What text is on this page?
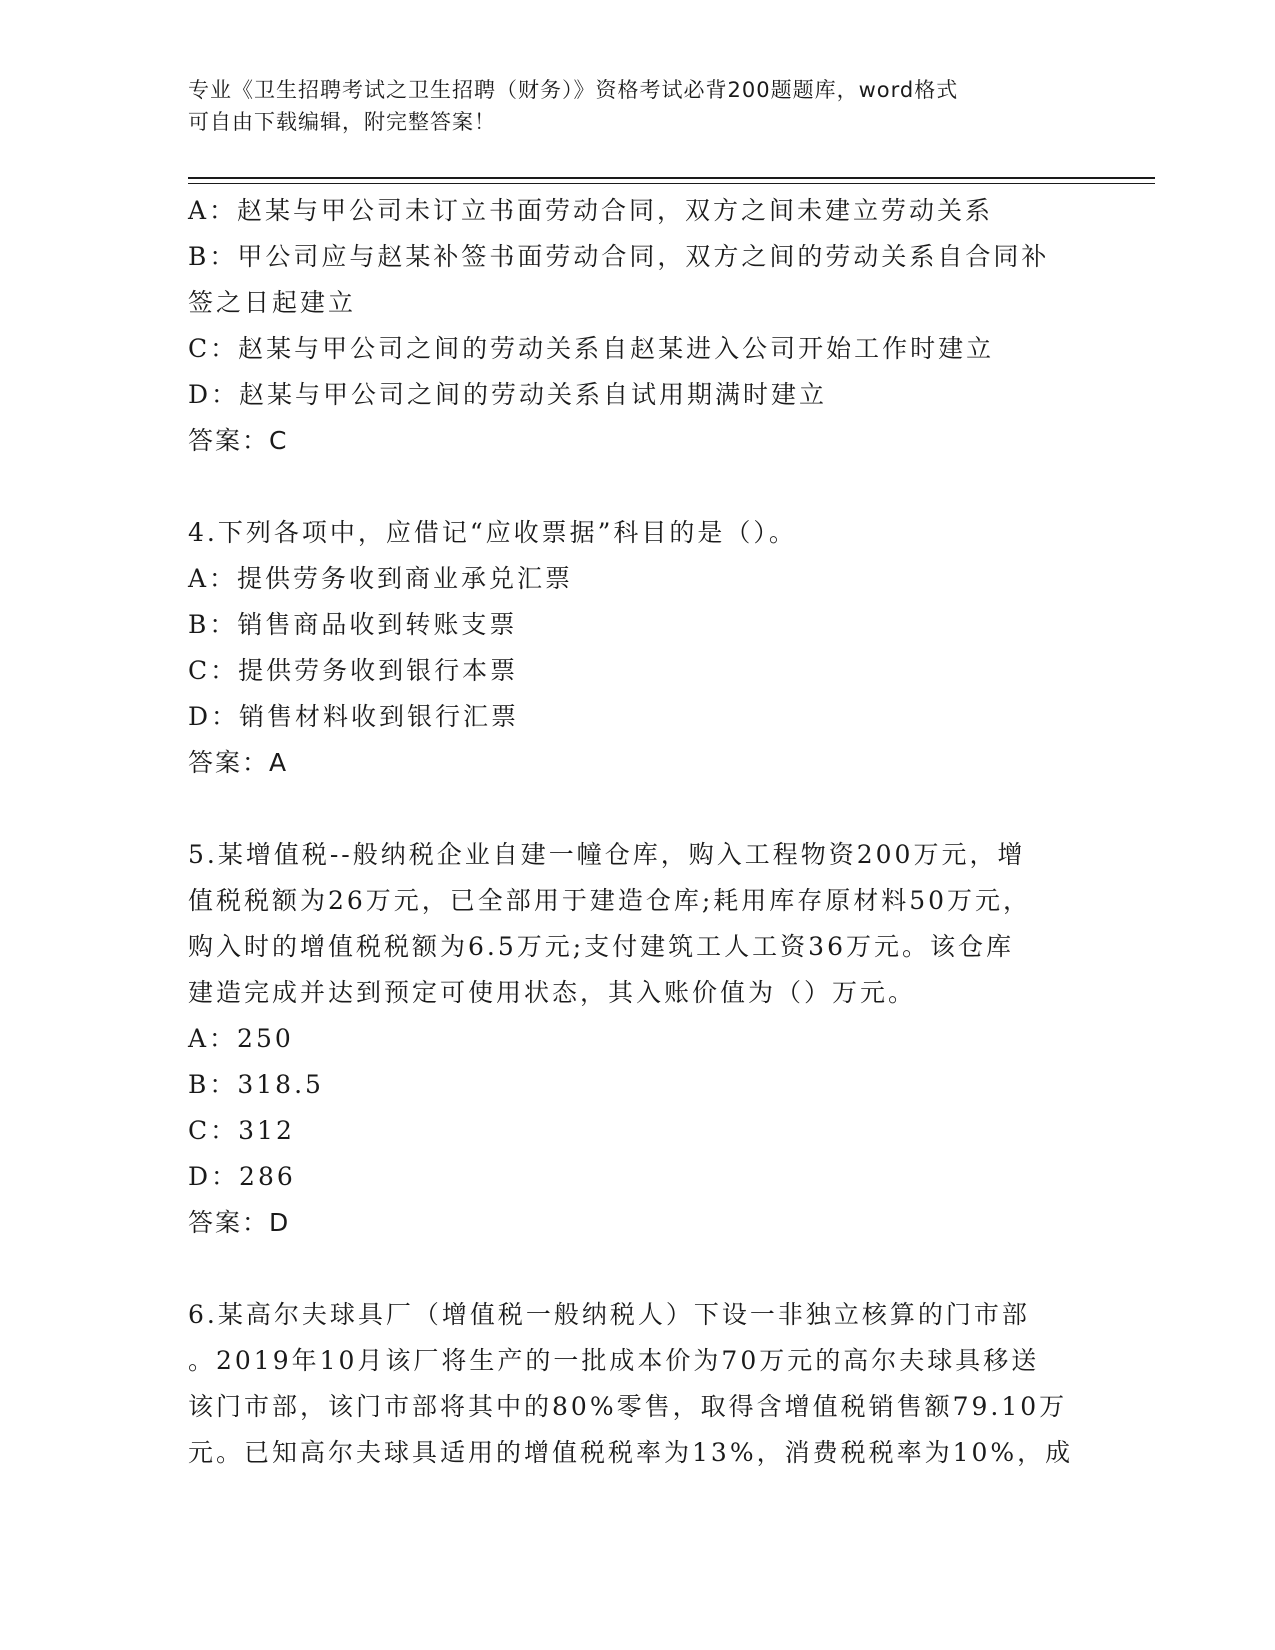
专业《卫生招聘考试之卫生招聘（财务）》资格考试必背200题题库，word格式
可自由下载编辑，附完整答案！
A：赵某与甲公司未订立书面劳动合同，双方之间未建立劳动关系
B：甲公司应与赵某补签书面劳动合同，双方之间的劳动关系自合同补
签之日起建立
C：赵某与甲公司之间的劳动关系自赵某进入公司开始工作时建立
D：赵某与甲公司之间的劳动关系自试用期满时建立
答案：C
4.下列各项中，应借记“应收票据”科目的是（）。
A：提供劳务收到商业承兑汇票
B：销售商品收到转账支票
C：提供劳务收到银行本票
D：销售材料收到银行汇票
答案：A
5.某增值税--般纳税企业自建一幢仓库，购入工程物资200万元，增
值税税额为26万元，已全部用于建造仓库;耗用库存原材料50万元，
购入时的增值税税额为6.5万元;支付建筑工人工资36万元。该仓库
建造完成并达到预定可使用状态，其入账价值为（）万元。
A：250
B：318.5
C：312
D：286
答案：D
6.某高尔夫球具厂（增值税一般纳税人）下设一非独立核算的门市部
。2019年10月该厂将生产的一批成本价为70万元的高尔夫球具移送
该门市部，该门市部将其中的80%零售，取得含增值税销售额79.10万
元。已知高尔夫球具适用的增值税税率为13%，消费税税率为10%，成
